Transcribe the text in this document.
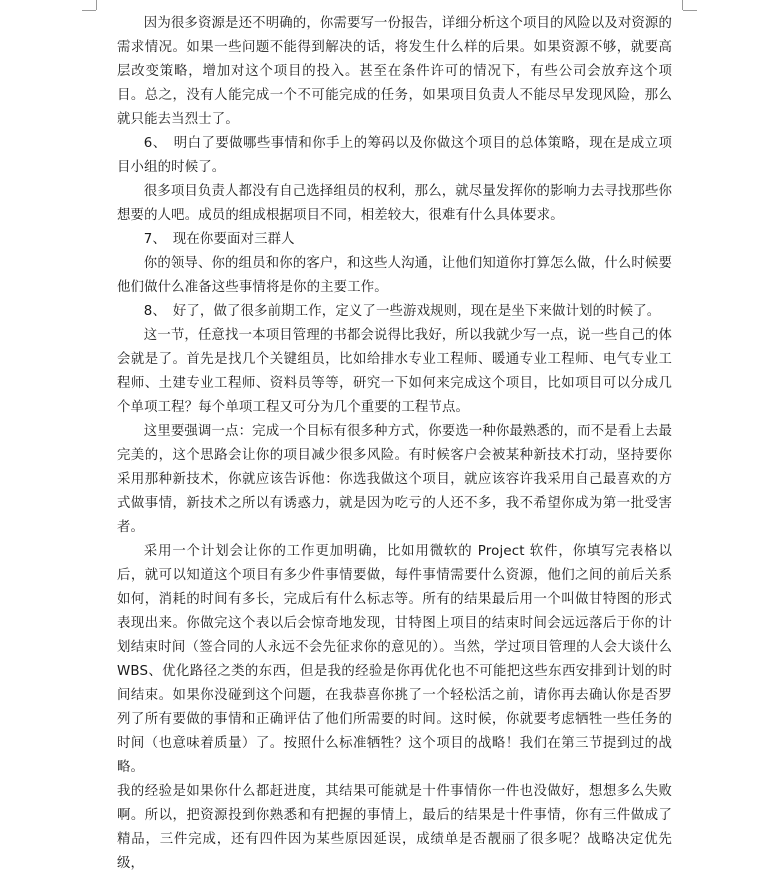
因为很多资源是还不明确的，你需要写一份报告，详细分析这个项目的风险以及对资源的需求情况。如果一些问题不能得到解决的话，将发生什么样的后果。如果资源不够，就要高层改变策略，增加对这个项目的投入。甚至在条件许可的情况下，有些公司会放弃这个项目。总之，没有人能完成一个不可能完成的任务，如果项目负责人不能尽早发现风险，那么就只能去当烈士了。

6、　明白了要做哪些事情和你手上的筹码以及你做这个项目的总体策略，现在是成立项目小组的时候了。

很多项目负责人都没有自己选择组员的权利，那么，就尽量发挥你的影响力去寻找那些你想要的人吧。成员的组成根据项目不同，相差较大，很难有什么具体要求。

7、　现在你要面对三群人

你的领导、你的组员和你的客户，和这些人沟通，让他们知道你打算怎么做，什么时候要他们做什么准备这些事情将是你的主要工作。

8、　好了，做了很多前期工作，定义了一些游戏规则，现在是坐下来做计划的时候了。

这一节，任意找一本项目管理的书都会说得比我好，所以我就少写一点，说一些自己的体会就是了。首先是找几个关键组员，比如给排水专业工程师、暖通专业工程师、电气专业工程师、土建专业工程师、资料员等等，研究一下如何来完成这个项目，比如项目可以分成几个单项工程？每个单项工程又可分为几个重要的工程节点。

这里要强调一点：完成一个目标有很多种方式，你要选一种你最熟悉的，而不是看上去最完美的，这个思路会让你的项目减少很多风险。有时候客户会被某种新技术打动，坚持要你采用那种新技术，你就应该告诉他：你选我做这个项目，就应该容许我采用自己最喜欢的方式做事情，新技术之所以有诱惑力，就是因为吃亏的人还不多，我不希望你成为第一批受害者。

采用一个计划会让你的工作更加明确，比如用微软的 Project 软件，你填写完表格以后，就可以知道这个项目有多少件事情要做，每件事情需要什么资源，他们之间的前后关系如何，消耗的时间有多长，完成后有什么标志等。所有的结果最后用一个叫做甘特图的形式表现出来。你做完这个表以后会惊奇地发现，甘特图上项目的结束时间会远远落后于你的计划结束时间（签合同的人永远不会先征求你的意见的）。当然，学过项目管理的人会大谈什么 WBS、优化路径之类的东西，但是我的经验是你再优化也不可能把这些东西安排到计划的时间结束。如果你没碰到这个问题，在我恭喜你挑了一个轻松活之前，请你再去确认你是否罗列了所有要做的事情和正确评估了他们所需要的时间。这时候，你就要考虑牺牲一些任务的时间（也意味着质量）了。按照什么标准牺牲？这个项目的战略！我们在第三节提到过的战略。

我的经验是如果你什么都赶进度，其结果可能就是十件事情你一件也没做好，想想多么失败啊。所以，把资源投到你熟悉和有把握的事情上，最后的结果是十件事情，你有三件做成了精品，三件完成，还有四件因为某些原因延误，成绩单是否靓丽了很多呢？战略决定优先级，
